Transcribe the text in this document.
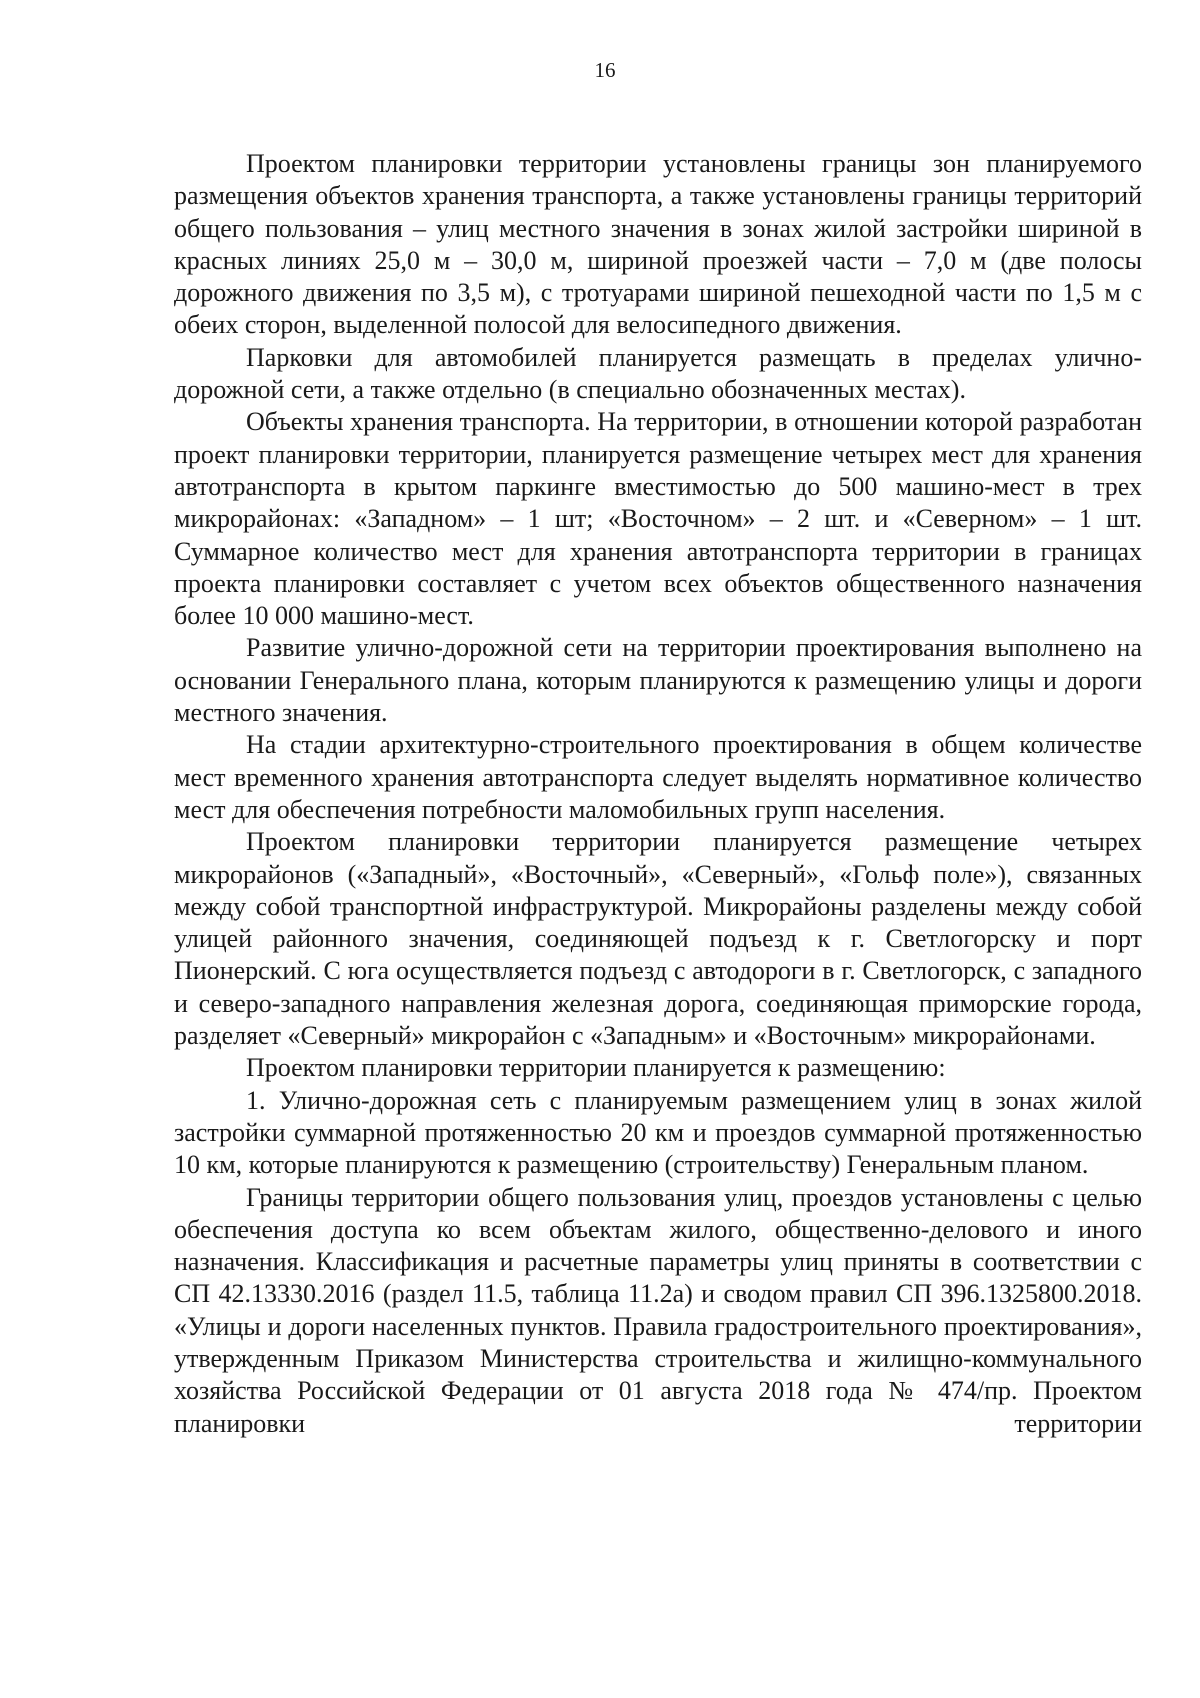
16

Проектом планировки территории установлены границы зон планируемого размещения объектов хранения транспорта, а также установлены границы территорий общего пользования – улиц местного значения в зонах жилой застройки шириной в красных линиях 25,0 м – 30,0 м, шириной проезжей части – 7,0 м (две полосы дорожного движения по 3,5 м), с тротуарами шириной пешеходной части по 1,5 м с обеих сторон, выделенной полосой для велосипедного движения.

Парковки для автомобилей планируется размещать в пределах улично-дорожной сети, а также отдельно (в специально обозначенных местах).

Объекты хранения транспорта. На территории, в отношении которой разработан проект планировки территории, планируется размещение четырех мест для хранения автотранспорта в крытом паркинге вместимостью до 500 машино-мест в трех микрорайонах: «Западном» – 1 шт; «Восточном» – 2 шт. и «Северном» – 1 шт. Суммарное количество мест для хранения автотранспорта территории в границах проекта планировки составляет с учетом всех объектов общественного назначения более 10 000 машино-мест.

Развитие улично-дорожной сети на территории проектирования выполнено на основании Генерального плана, которым планируются к размещению улицы и дороги местного значения.

На стадии архитектурно-строительного проектирования в общем количестве мест временного хранения автотранспорта следует выделять нормативное количество мест для обеспечения потребности маломобильных групп населения.

Проектом планировки территории планируется размещение четырех микрорайонов («Западный», «Восточный», «Северный», «Гольф поле»), связанных между собой транспортной инфраструктурой. Микрорайоны разделены между собой улицей районного значения, соединяющей подъезд к г. Светлогорску и порт Пионерский. С юга осуществляется подъезд с автодороги в г. Светлогорск, с западного и северо-западного направления железная дорога, соединяющая приморские города, разделяет «Северный» микрорайон с «Западным» и «Восточным» микрорайонами.

Проектом планировки территории планируется к размещению:

1. Улично-дорожная сеть с планируемым размещением улиц в зонах жилой застройки суммарной протяженностью 20 км и проездов суммарной протяженностью 10 км, которые планируются к размещению (строительству) Генеральным планом.

Границы территории общего пользования улиц, проездов установлены с целью обеспечения доступа ко всем объектам жилого, общественно-делового и иного назначения. Классификация и расчетные параметры улиц приняты в соответствии с СП 42.13330.2016 (раздел 11.5, таблица 11.2а) и сводом правил СП 396.1325800.2018. «Улицы и дороги населенных пунктов. Правила градостроительного проектирования», утвержденным Приказом Министерства строительства и жилищно-коммунального хозяйства Российской Федерации от 01 августа 2018 года № 474/пр. Проектом планировки территории
